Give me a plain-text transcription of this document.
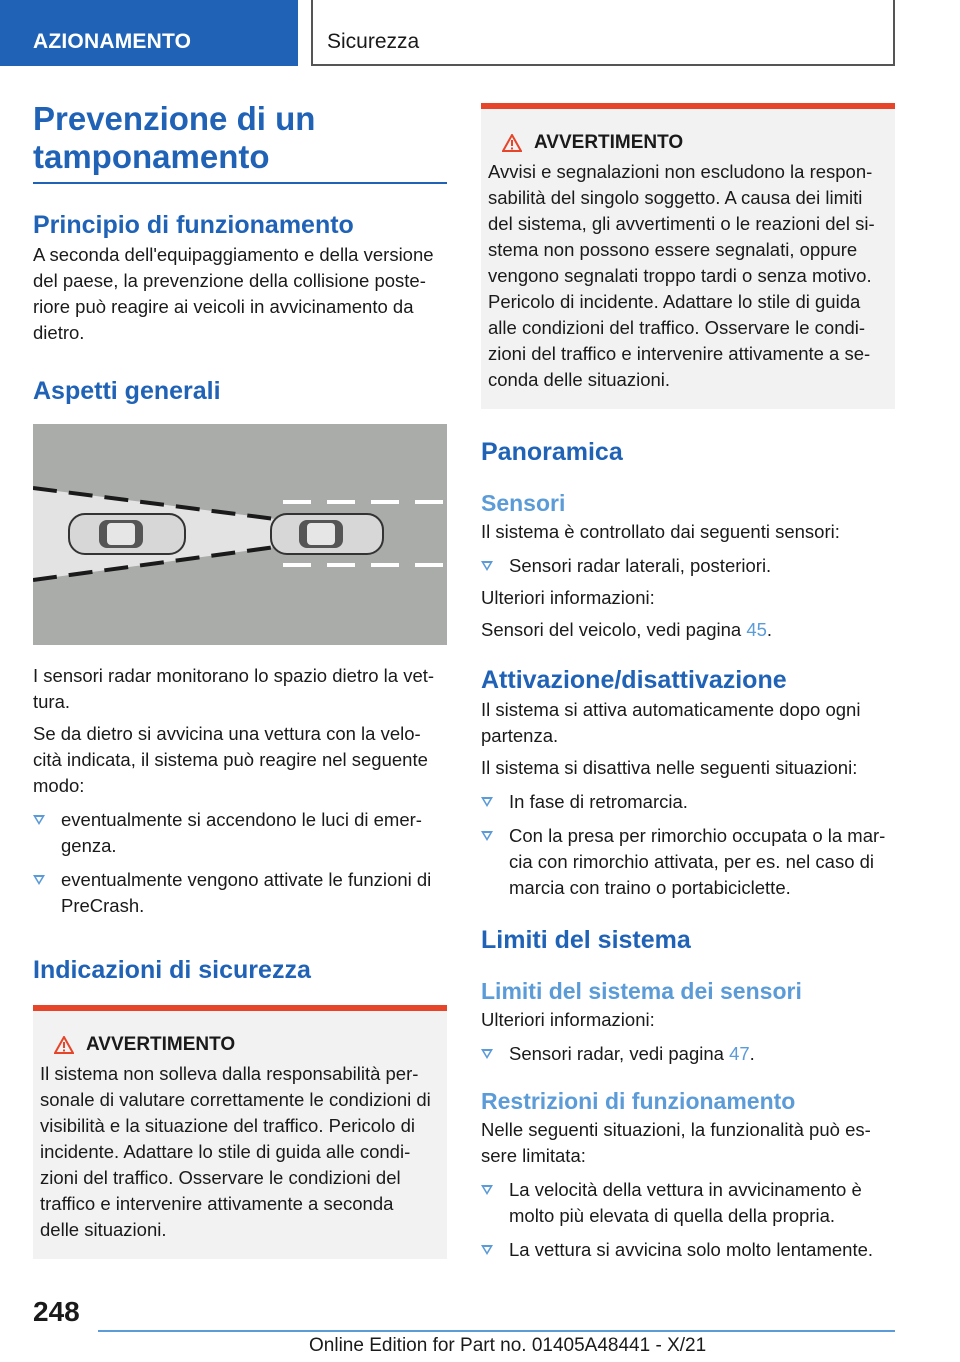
AZIONAMENTO	Sicurezza
Prevenzione di un tamponamento
Principio di funzionamento
A seconda dell'equipaggiamento e della versione del paese, la prevenzione della collisione poste-riore può reagire ai veicoli in avvicinamento da dietro.
Aspetti generali
I sensori radar monitorano lo spazio dietro la vet-tura.
Se da dietro si avvicina una vettura con la velo-cità indicata, il sistema può reagire nel seguente modo:
eventualmente si accendono le luci di emer-genza.
eventualmente vengono attivate le funzioni di PreCrash.
Indicazioni di sicurezza
AVVERTIMENTO
Il sistema non solleva dalla responsabilità per-sonale di valutare correttamente le condizioni di visibilità e la situazione del traffico. Pericolo di incidente. Adattare lo stile di guida alle condi-zioni del traffico. Osservare le condizioni del traffico e intervenire attivamente a seconda delle situazioni.
AVVERTIMENTO
Avvisi e segnalazioni non escludono la respon-sabilità del singolo soggetto. A causa dei limiti del sistema, gli avvertimenti o le reazioni del si-stema non possono essere segnalati, oppure vengono segnalati troppo tardi o senza motivo. Pericolo di incidente. Adattare lo stile di guida alle condizioni del traffico. Osservare le condi-zioni del traffico e intervenire attivamente a se-conda delle situazioni.
Panoramica
Sensori
Il sistema è controllato dai seguenti sensori:
Sensori radar laterali, posteriori.
Ulteriori informazioni:
Sensori del veicolo, vedi pagina 45.
Attivazione/disattivazione
Il sistema si attiva automaticamente dopo ogni partenza.
Il sistema si disattiva nelle seguenti situazioni:
In fase di retromarcia.
Con la presa per rimorchio occupata o la mar-cia con rimorchio attivata, per es. nel caso di marcia con traino o portabiciclette.
Limiti del sistema
Limiti del sistema dei sensori
Ulteriori informazioni:
Sensori radar, vedi pagina 47.
Restrizioni di funzionamento
Nelle seguenti situazioni, la funzionalità può es-sere limitata:
La velocità della vettura in avvicinamento è molto più elevata di quella della propria.
La vettura si avvicina solo molto lentamente.
248
Online Edition for Part no. 01405A48441 - X/21
